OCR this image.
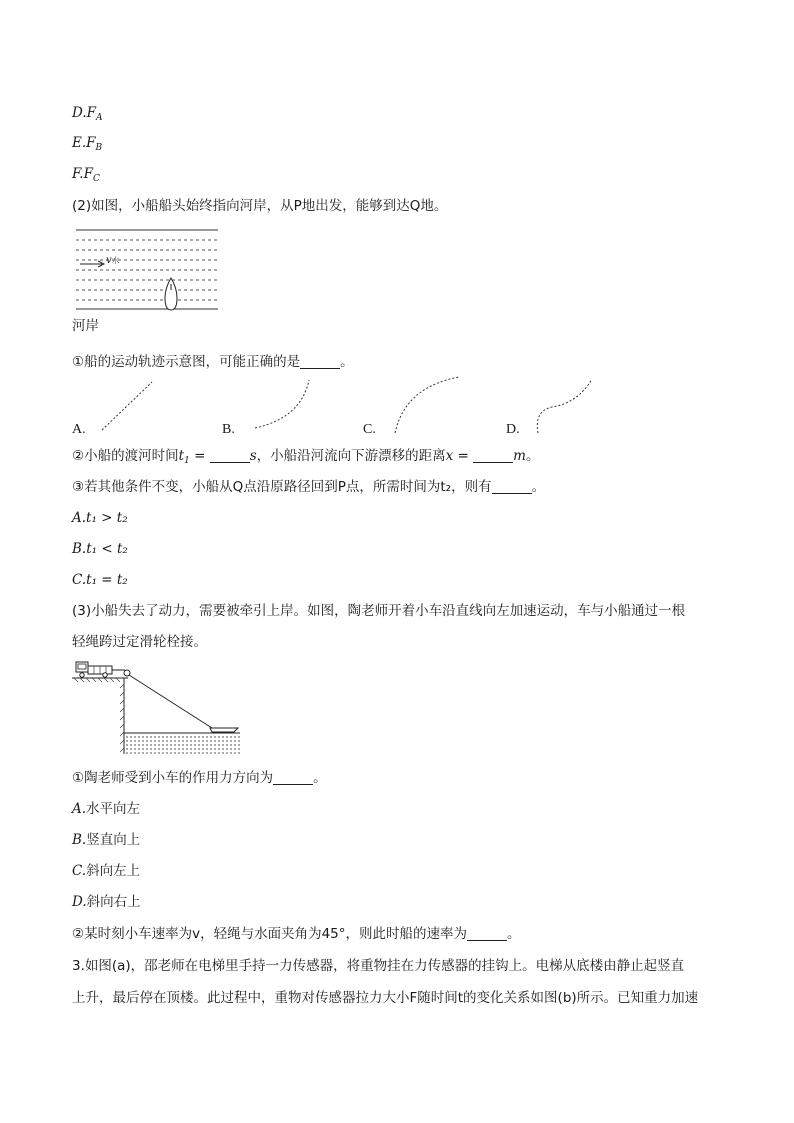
$D.F_A$
$E.F_B$
$F.F_C$
(2)如图，小船船头始终指向河岸，从P地出发，能够到达Q地。
v水
河岸
①船的运动轨迹示意图，可能正确的是	。
A.	B.	C.	D.
②小船的渡河时间$t_1$ =	s，小船沿河流向下游漂移的距离x =	m。
③若其他条件不变，小船从Q点沿原路径回到P点，所需时间为t₂，则有	。
A.t₁ > t₂
B.t₁ < t₂
C.t₁ = t₂
(3)小船失去了动力，需要被牵引上岸。如图，陶老师开着小车沿直线向左加速运动，车与小船通过一根
轻绳跨过定滑轮栓接。
①陶老师受到小车的作用力方向为	。
A.水平向左
B.竖直向上
C.斜向左上
D.斜向右上
②某时刻小车速率为v，轻绳与水面夹角为45°，则此时船的速率为	。
3.如图(a)，邵老师在电梯里手持一力传感器，将重物挂在力传感器的挂钩上。电梯从底楼由静止起竖直
上升，最后停在顶楼。此过程中，重物对传感器拉力大小F随时间t的变化关系如图(b)所示。已知重力加速
